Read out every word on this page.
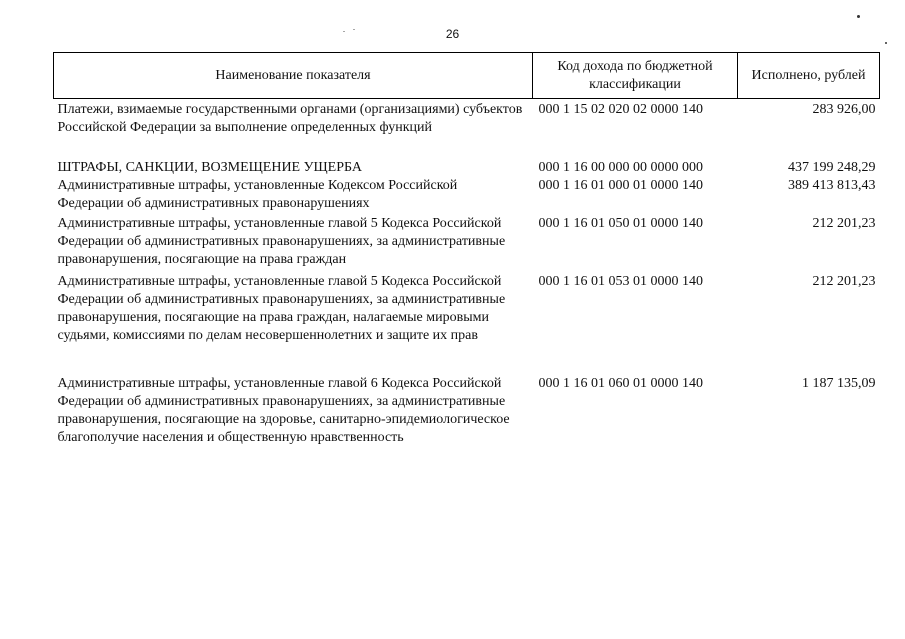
26
Наименование показателя	Код дохода по бюджетной классификации	Исполнено, рублей
Платежи, взимаемые государственными органами (организациями) субъектов Российской Федерации за выполнение определенных функций	000 1 15 02 020 02 0000 140	283 926,00
ШТРАФЫ, САНКЦИИ, ВОЗМЕЩЕНИЕ УЩЕРБА	000 1 16 00 000 00 0000 000	437 199 248,29
Административные штрафы, установленные Кодексом Российской Федерации об административных правонарушениях	000 1 16 01 000 01 0000 140	389 413 813,43
Административные штрафы, установленные главой 5 Кодекса Российской Федерации об административных правонарушениях, за административные правонарушения, посягающие на права граждан	000 1 16 01 050 01 0000 140	212 201,23
Административные штрафы, установленные главой 5 Кодекса Российской Федерации об административных правонарушениях, за административные правонарушения, посягающие на права граждан, налагаемые мировыми судьями, комиссиями по делам несовершеннолетних и защите их прав	000 1 16 01 053 01 0000 140	212 201,23
Административные штрафы, установленные главой 6 Кодекса Российской Федерации об административных правонарушениях, за административные правонарушения, посягающие на здоровье, санитарно-эпидемиологическое благополучие населения и общественную нравственность	000 1 16 01 060 01 0000 140	1 187 135,09
